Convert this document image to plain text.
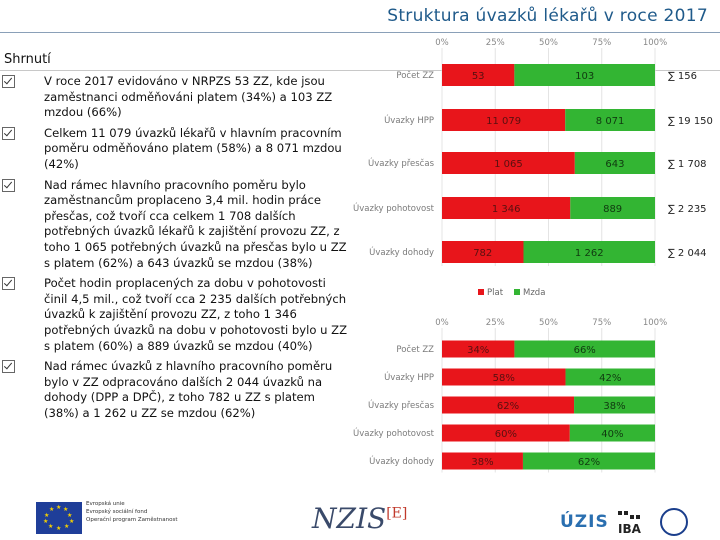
Struktura úvazků lékařů v roce 2017
Shrnutí
V roce 2017 evidováno v NRPZS 53 ZZ, kde jsou zaměstnanci odměňováni platem (34%) a 103 ZZ mzdou (66%)
Celkem 11 079 úvazků lékařů v hlavním pracovním poměru odměňováno platem (58%) a 8 071 mzdou (42%)
Nad rámec hlavního pracovního poměru bylo zaměstnancům proplaceno 3,4 mil. hodin práce přesčas, což tvoří cca celkem 1 708 dalších potřebných úvazků lékařů k zajištění provozu ZZ, z toho 1 065 potřebných úvazků na přesčas bylo u ZZ s platem (62%) a 643 úvazků se mzdou (38%)
Počet hodin proplacených za dobu v pohotovosti činil 4,5 mil., což tvoří cca 2 235 dalších potřebných úvazků k zajištění provozu ZZ, z toho 1 346 potřebných úvazků na dobu v pohotovosti bylo u ZZ s platem (60%) a 889 úvazků se mzdou (40%)
Nad rámec úvazků z hlavního pracovního poměru bylo v ZZ odpracováno dalších 2 044 úvazků na dohody (DPP a DPČ), z toho 782 u ZZ s platem (38%) a 1 262 u ZZ se mzdou (62%)
0%	25%	50%	75%	100%
Počet ZZ	53	103	∑ 156
Úvazky HPP	11 079	8 071	∑ 19 150
Úvazky přesčas	1 065	643	∑ 1 708
Úvazky pohotovost	1 346	889	∑ 2 235
Úvazky dohody	782	1 262	∑ 2 044
Plat Mzda
0%	25%	50%	75%	100%
Počet ZZ	34%	66%
Úvazky HPP	58%	42%
Úvazky přesčas	62%	38%
Úvazky pohotovost	60%	40%
Úvazky dohody	38%	62%
★ ★
★
★
★
★
★
★
★
★
Evropská unie
Evropský sociální fond
Operační program Zaměstnanost	NZIS[E]	ÚZIS IBA
